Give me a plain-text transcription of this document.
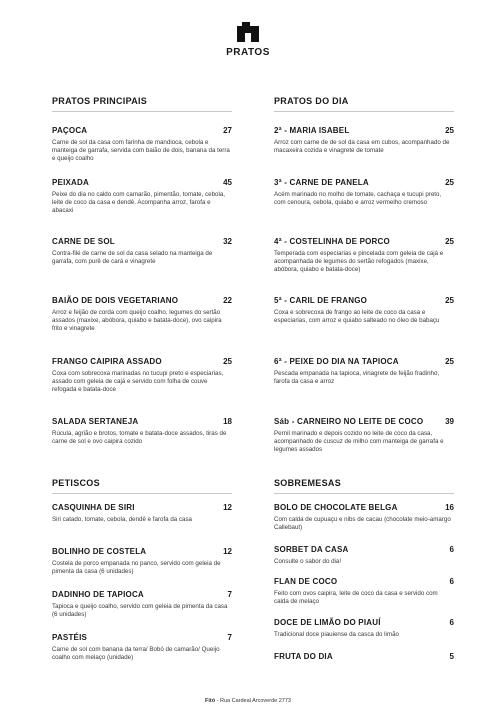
PRATOS
PRATOS PRINCIPAIS
PAÇOCA	27
Carne de sol da casa com farinha de mandioca, cebola e manteiga de garrafa, servida com baião de dois, banana da terra e queijo coalho
PEIXADA	45
Peixe do dia no caldo com camarão, pimentão, tomate, cebola, leite de coco da casa e dendê. Acompanha arroz, farofa e abacaxi
CARNE DE SOL	32
Contra-filé de carne de sol da casa selado na manteiga de garrafa, com purê de cará e vinagrete
BAIÃO DE DOIS VEGETARIANO	22
Arroz e feijão de corda com queijo coalho, legumes do sertão assados (maxixe, abóbora, quiabo e batata-doce), ovo caipira frito e vinagrete
FRANGO CAIPIRA ASSADO	25
Coxa com sobrecoxa marinadas no tucupi preto e especiarias, assado com geleia de cajá e servido com folha de couve refogada e batata-doce
SALADA SERTANEJA	18
Rúcula, agrião e brotos, tomate e batata-doce assados, tiras de carne de sol e ovo caipira cozido
PETISCOS
CASQUINHA DE SIRI	12
Siri catado, tomate, cebola, dendê e farofa da casa
BOLINHO DE COSTELA	12
Costela de porco empanada no panco, servido com geleia de pimenta da casa (6 unidades)
DADINHO DE TAPIOCA	7
Tapioca e queijo coalho, servido com geleia de pimenta da casa (6 unidades)
PASTÉIS	7
Carne de sol com banana da terra/ Bobó de camarão/ Queijo coalho com melaço (unidade)
PRATOS DO DIA
2ª - MARIA ISABEL	25
Arroz com carne de de sol da casa em cubos, acompanhado de macaxeira cozida e vinagrete de tomate
3ª - CARNE DE PANELA	25
Acém marinado no molho de tomate, cachaça e tucupi preto, com cenoura, cebola, quiabo e arroz vermelho cremoso
4ª - COSTELINHA DE PORCO	25
Temperada com especiarias e pincelada com geleia de cajá e acompanhada de legumes do sertão refogados (maxixe, abóbora, quiabo e batata-doce)
5ª - CARIL DE FRANGO	25
Coxa e sobrecoxa de frango ao leite de coco da casa e especiarias, com arroz e quiabo salteado no óleo de babaçu
6ª - PEIXE DO DIA NA TAPIOCA	25
Pescada empanada na tapioca, vinagrete de feijão fradinho, farofa da casa e arroz
Sáb - CARNEIRO NO LEITE DE COCO	39
Pernil marinado e depois cozido no leite de coco da casa, acompanhado de cuscuz de milho com manteiga de garrafa e legumes assados
SOBREMESAS
BOLO DE CHOCOLATE BELGA	16
Com calda de cupuaçu e nibs de cacau (chocolate meio-amargo Callebaut)
SORBET DA CASA	6
Consulte o sabor do dia!
FLAN DE COCO	6
Feito com ovos caipira, leite de coco da casa e servido com calda de melaço
DOCE DE LIMÃO DO PIAUÍ	6
Tradicional doce piauiense da casca do limão
FRUTA DO DIA	5
Fitó - Rua Cardeal Arcoverde 2773
